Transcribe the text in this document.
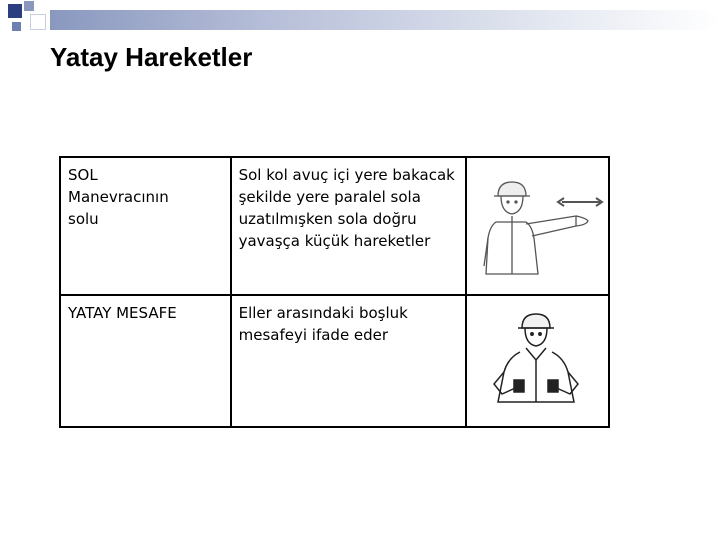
Yatay Hareketler
SOL
Manevracının
solu	Sol kol avuç içi yere bakacak şekilde yere paralel sola uzatılmışken sola doğru yavaşça küçük hareketler	

YATAY MESAFE	Eller arasındaki boşluk mesafeyi ifade eder	
